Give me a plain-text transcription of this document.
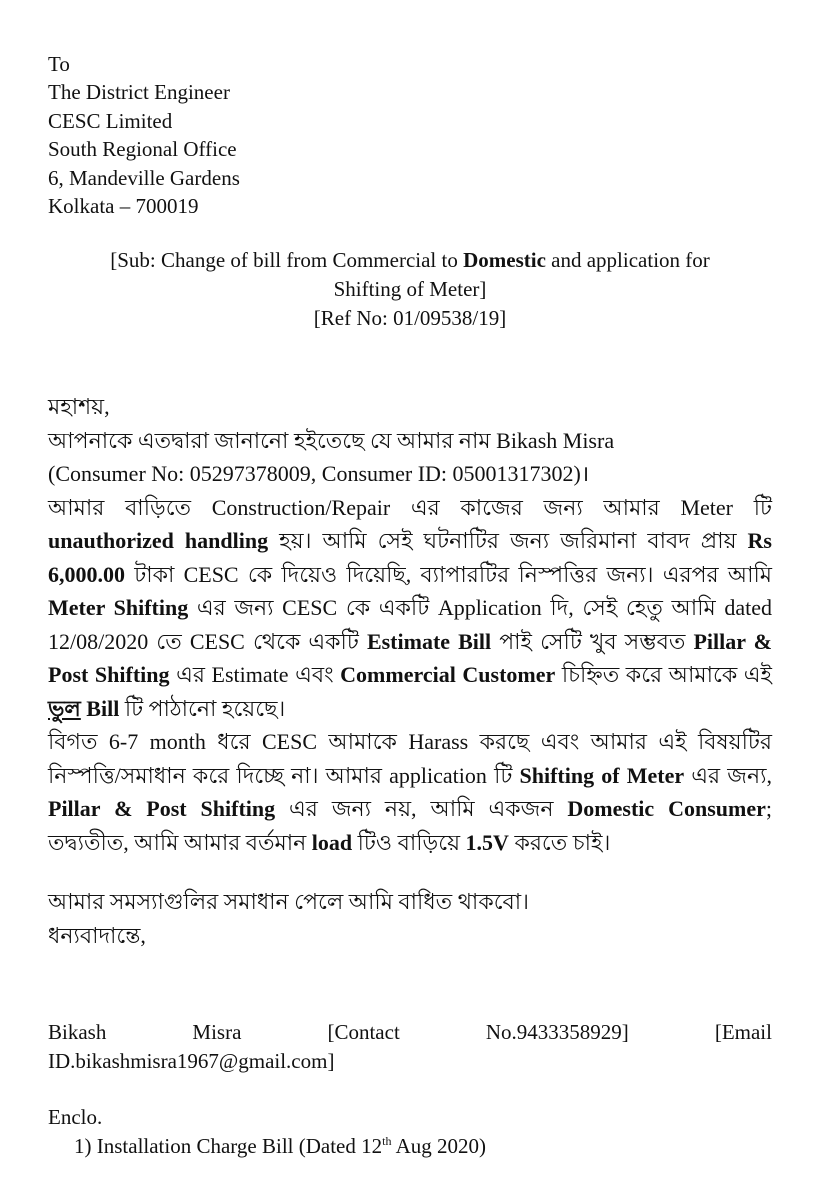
To
The District Engineer
CESC Limited
South Regional Office
6, Mandeville Gardens
Kolkata – 700019
[Sub: Change of bill from Commercial to Domestic and application for
Shifting of Meter]
[Ref No: 01/09538/19]
মহাশয়,
আপনাকে এতদ্বারা জানানো হইতেছে যে আমার নাম Bikash Misra
(Consumer No: 05297378009, Consumer ID: 05001317302)।
আমার বাড়িতে Construction/Repair এর কাজের জন্য আমার Meter টি unauthorized handling হয়। আমি সেই ঘটনাটির জন্য জরিমানা বাবদ প্রায় Rs 6,000.00 টাকা CESC কে দিয়েও দিয়েছি, ব্যাপারটির নিস্পত্তির জন্য। এরপর আমি Meter Shifting এর জন্য CESC কে একটি Application দি, সেই হেতু আমি dated 12/08/2020 তে CESC থেকে একটি Estimate Bill পাই সেটি খুব সম্ভবত Pillar & Post Shifting এর Estimate এবং Commercial Customer চিহ্নিত করে আমাকে এই ভুল Bill টি পাঠানো হয়েছে।
বিগত 6-7 month ধরে CESC আমাকে Harass করছে এবং আমার এই বিষয়টির নিস্পত্তি/সমাধান করে দিচ্ছে না। আমার application টি Shifting of Meter এর জন্য, Pillar & Post Shifting এর জন্য নয়, আমি একজন Domestic Consumer; তদ্ব্যতীত, আমি আমার বর্তমান load টিও বাড়িয়ে 1.5V করতে চাই।
আমার সমস্যাগুলির সমাধান পেলে আমি বাধিত থাকবো।
ধন্যবাদান্তে,
Bikash	Misra	[Contact	No.9433358929]	[Email
ID.bikashmisra1967@gmail.com]
Enclo.
1) Installation Charge Bill (Dated 12th Aug 2020)
